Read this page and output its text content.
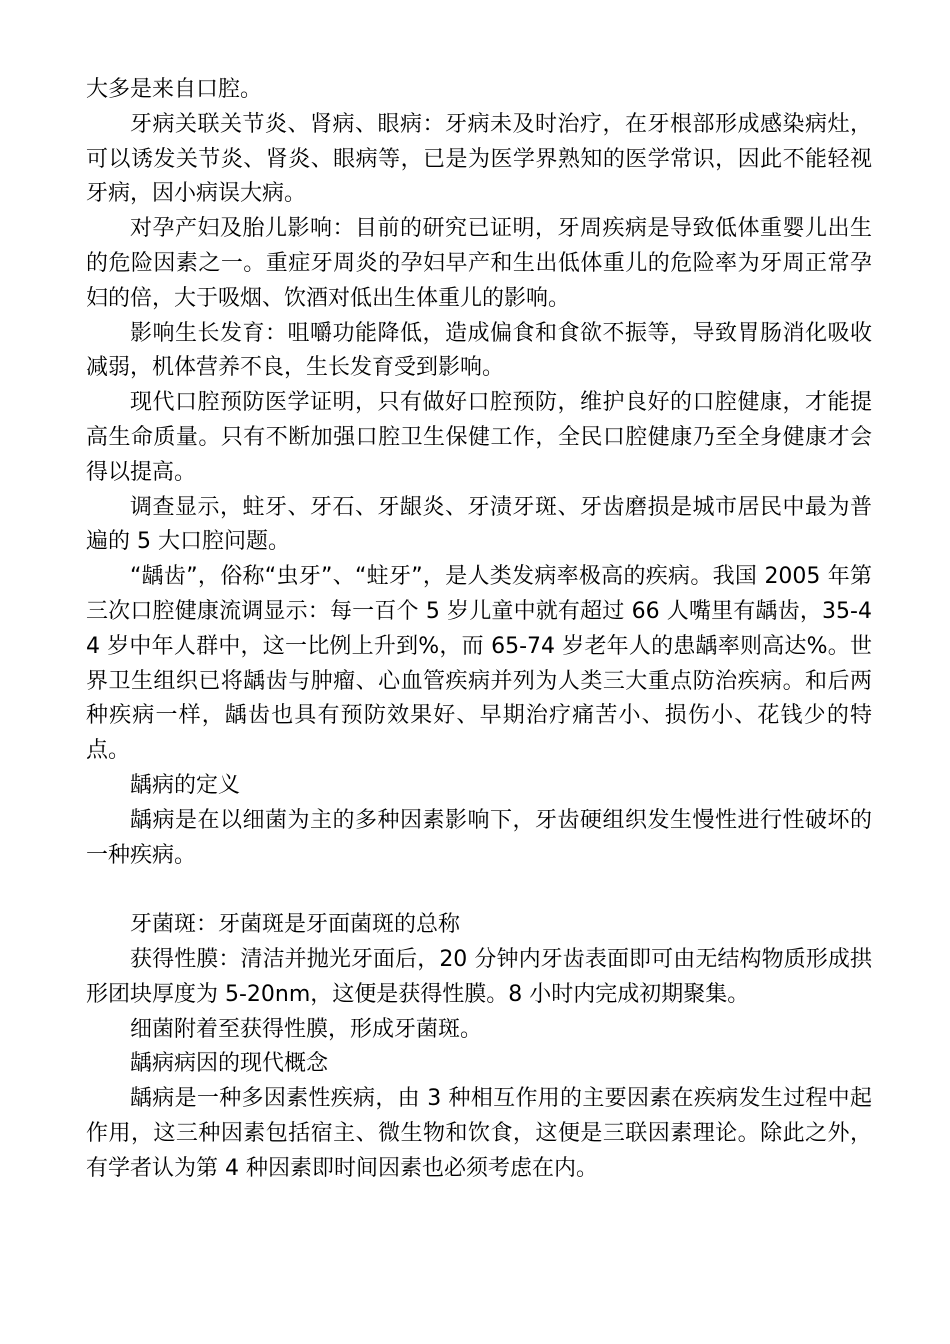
大多是来自口腔。

牙病关联关节炎、肾病、眼病：牙病未及时治疗，在牙根部形成感染病灶，可以诱发关节炎、肾炎、眼病等，已是为医学界熟知的医学常识，因此不能轻视牙病，因小病误大病。

对孕产妇及胎儿影响：目前的研究已证明，牙周疾病是导致低体重婴儿出生的危险因素之一。重症牙周炎的孕妇早产和生出低体重儿的危险率为牙周正常孕妇的倍，大于吸烟、饮酒对低出生体重儿的影响。

影响生长发育：咀嚼功能降低，造成偏食和食欲不振等，导致胃肠消化吸收减弱，机体营养不良，生长发育受到影响。

现代口腔预防医学证明，只有做好口腔预防，维护良好的口腔健康，才能提高生命质量。只有不断加强口腔卫生保健工作，全民口腔健康乃至全身健康才会得以提高。

调查显示，蛀牙、牙石、牙龈炎、牙渍牙斑、牙齿磨损是城市居民中最为普遍的 5 大口腔问题。

“龋齿”，俗称“虫牙”、“蛀牙”，是人类发病率极高的疾病。我国 2005 年第三次口腔健康流调显示：每一百个 5 岁儿童中就有超过 66 人嘴里有龋齿，35-44 岁中年人群中，这一比例上升到%，而 65-74 岁老年人的患龋率则高达%。世界卫生组织已将龋齿与肿瘤、心血管疾病并列为人类三大重点防治疾病。和后两种疾病一样，龋齿也具有预防效果好、早期治疗痛苦小、损伤小、花钱少的特点。

龋病的定义

龋病是在以细菌为主的多种因素影响下，牙齿硬组织发生慢性进行性破坏的一种疾病。

牙菌斑：牙菌斑是牙面菌斑的总称

获得性膜：清洁并抛光牙面后，20 分钟内牙齿表面即可由无结构物质形成拱形团块厚度为 5-20nm，这便是获得性膜。8 小时内完成初期聚集。

细菌附着至获得性膜，形成牙菌斑。

龋病病因的现代概念

龋病是一种多因素性疾病，由 3 种相互作用的主要因素在疾病发生过程中起作用，这三种因素包括宿主、微生物和饮食，这便是三联因素理论。除此之外，有学者认为第 4 种因素即时间因素也必须考虑在内。
